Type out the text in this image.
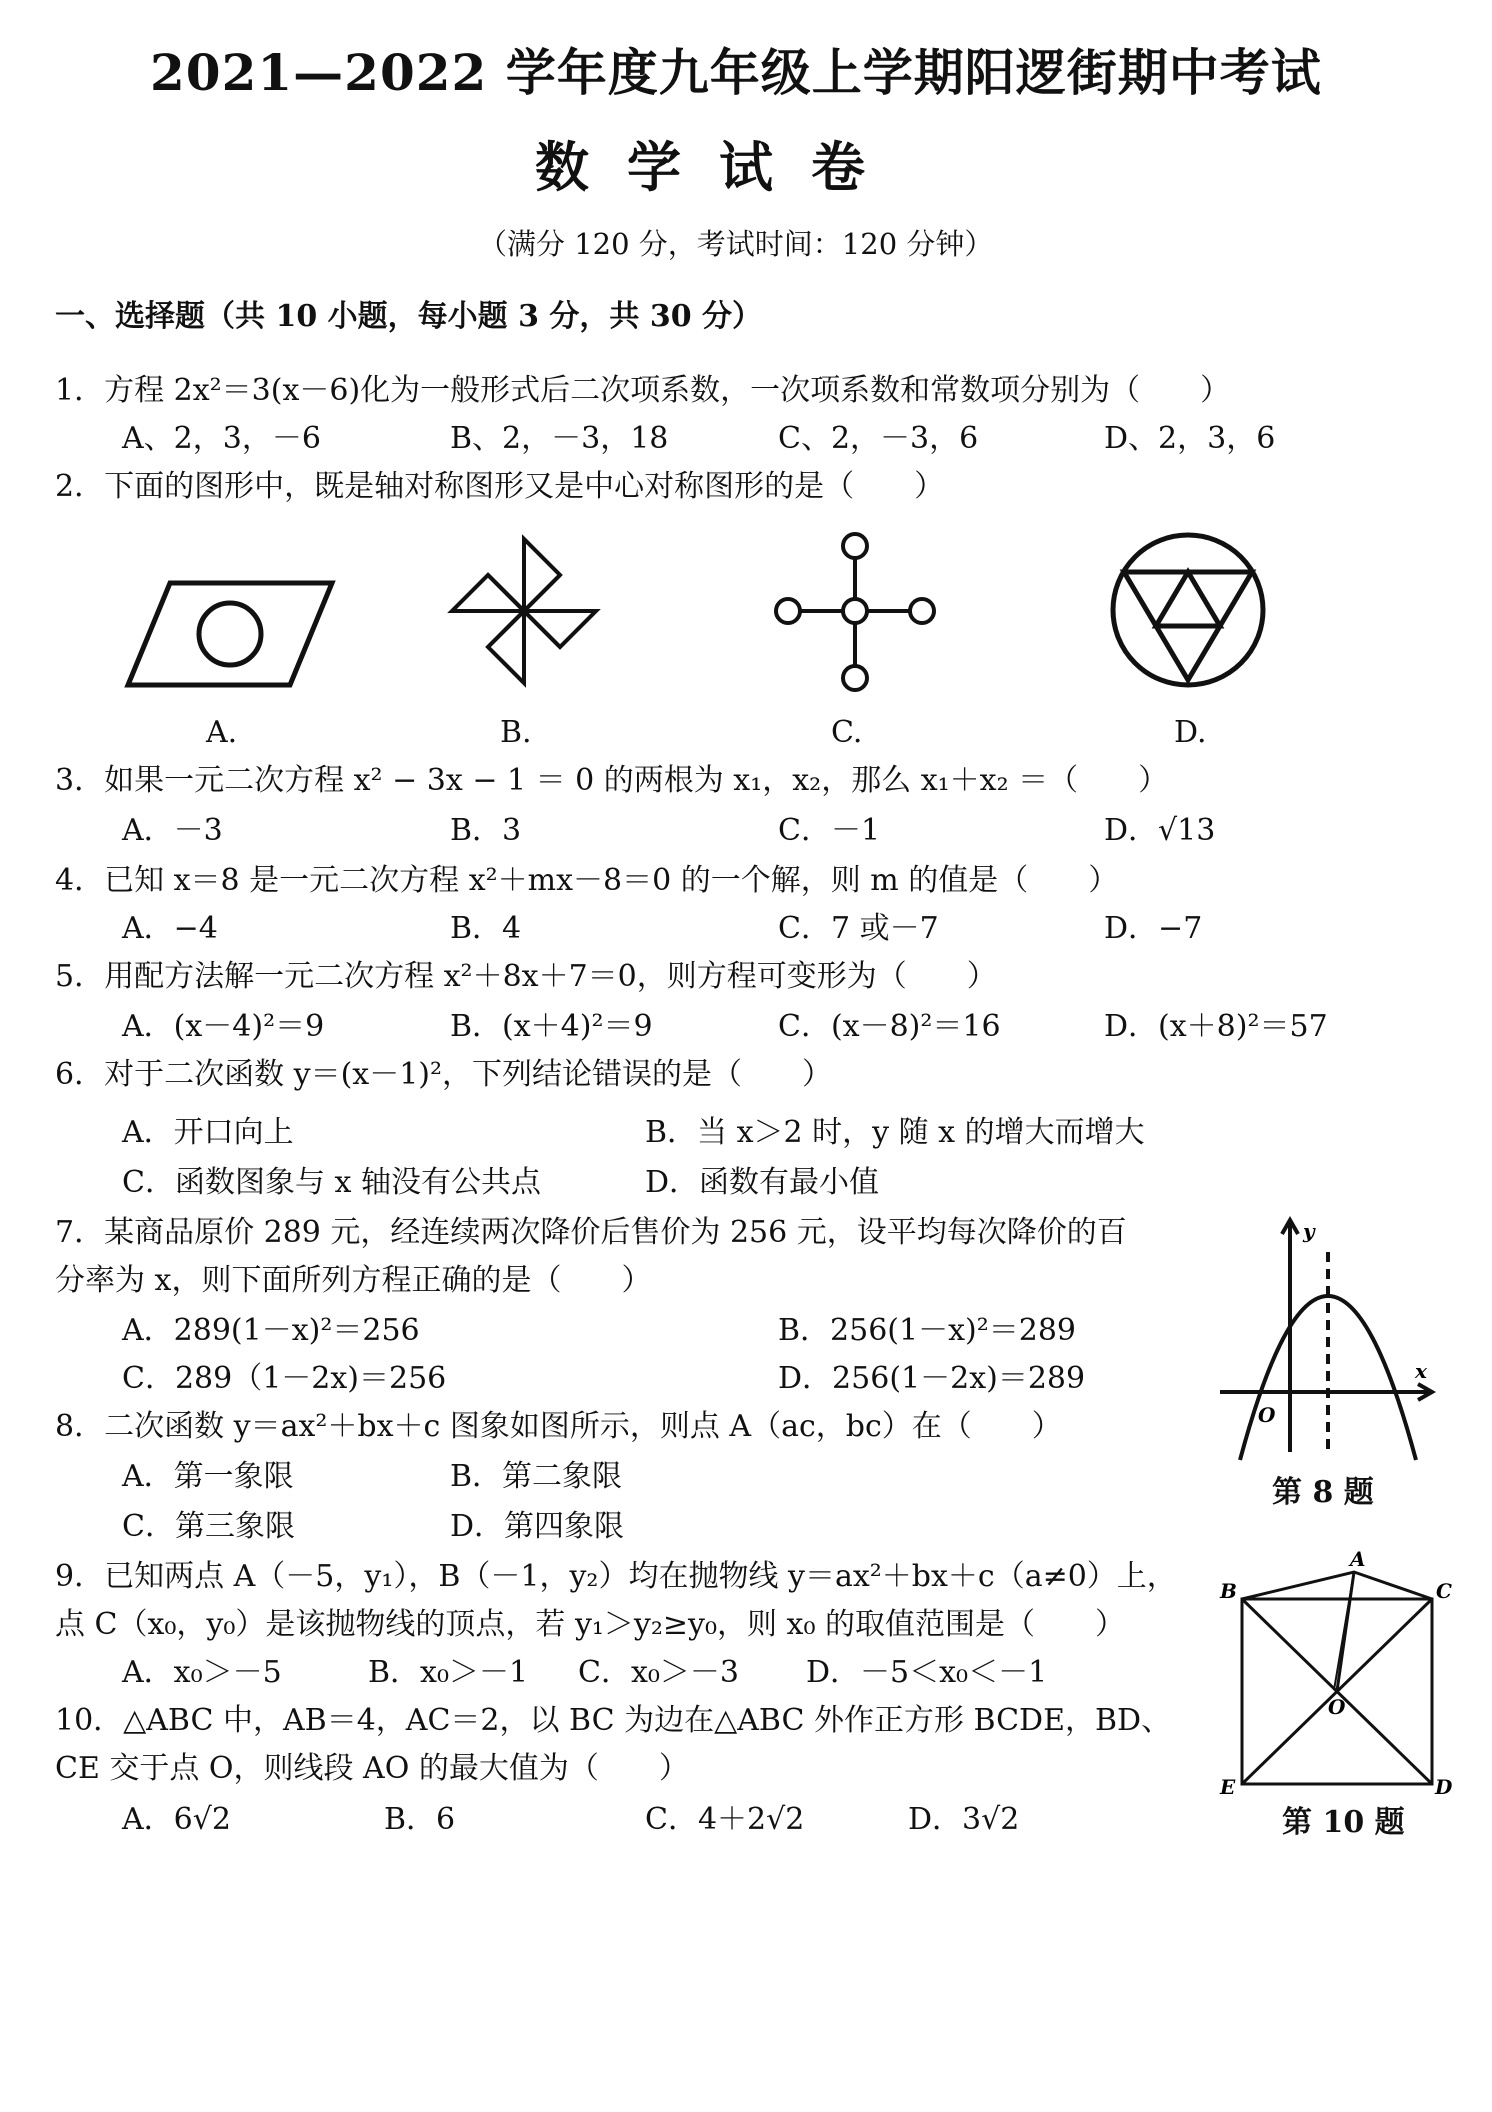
2021—2022 学年度九年级上学期阳逻街期中考试
数学试卷
（满分 120 分，考试时间：120 分钟）
一、选择题（共 10 小题，每小题 3 分，共 30 分）
1．方程 2x²＝3(x－6)化为一般形式后二次项系数，一次项系数和常数项分别为（　　）
A、2，3，－6	B、2，－3，18	C、2，－3，6	D、2，3，6
2．下面的图形中，既是轴对称图形又是中心对称图形的是（　　）
A.	B.	C.	D.
3．如果一元二次方程 x² − 3x − 1 ＝ 0 的两根为 x₁，x₂，那么 x₁＋x₂ ＝（　　）
A．－3	B．3	C．－1	D．√13
4．已知 x＝8 是一元二次方程 x²＋mx－8＝0 的一个解，则 m 的值是（　　）
A．−4	B．4	C．7 或－7	D．−7
5．用配方法解一元二次方程 x²＋8x＋7＝0，则方程可变形为（　　）
A．(x－4)²＝9	B．(x＋4)²＝9	C．(x－8)²＝16	D．(x＋8)²＝57
6．对于二次函数 y＝(x－1)²，下列结论错误的是（　　）
A．开口向上	B．当 x＞2 时，y 随 x 的增大而增大
C．函数图象与 x 轴没有公共点	D．函数有最小值
7．某商品原价 289 元，经连续两次降价后售价为 256 元，设平均每次降价的百
分率为 x，则下面所列方程正确的是（　　）
A．289(1－x)²＝256	B．256(1－x)²＝289
C．289（1－2x)＝256	D．256(1－2x)＝289
y
x
O
第 8 题
8．二次函数 y＝ax²＋bx＋c 图象如图所示，则点 A（ac，bc）在（　　）
A．第一象限	B．第二象限
C．第三象限	D．第四象限
9．已知两点 A（－5，y₁），B（－1，y₂）均在抛物线 y＝ax²＋bx＋c（a≠0）上，
点 C（x₀，y₀）是该抛物线的顶点，若 y₁＞y₂≥y₀，则 x₀ 的取值范围是（　　）
A．x₀＞－5	B．x₀＞－1 C．x₀＞－3 D．－5＜x₀＜－1
10．△ABC 中，AB＝4，AC＝2，以 BC 为边在△ABC 外作正方形 BCDE，BD、
CE 交于点 O，则线段 AO 的最大值为（　　）
A．6√2	B．6	C．4＋2√2	D．3√2
A
B	C
O
E	D
第 10 题
